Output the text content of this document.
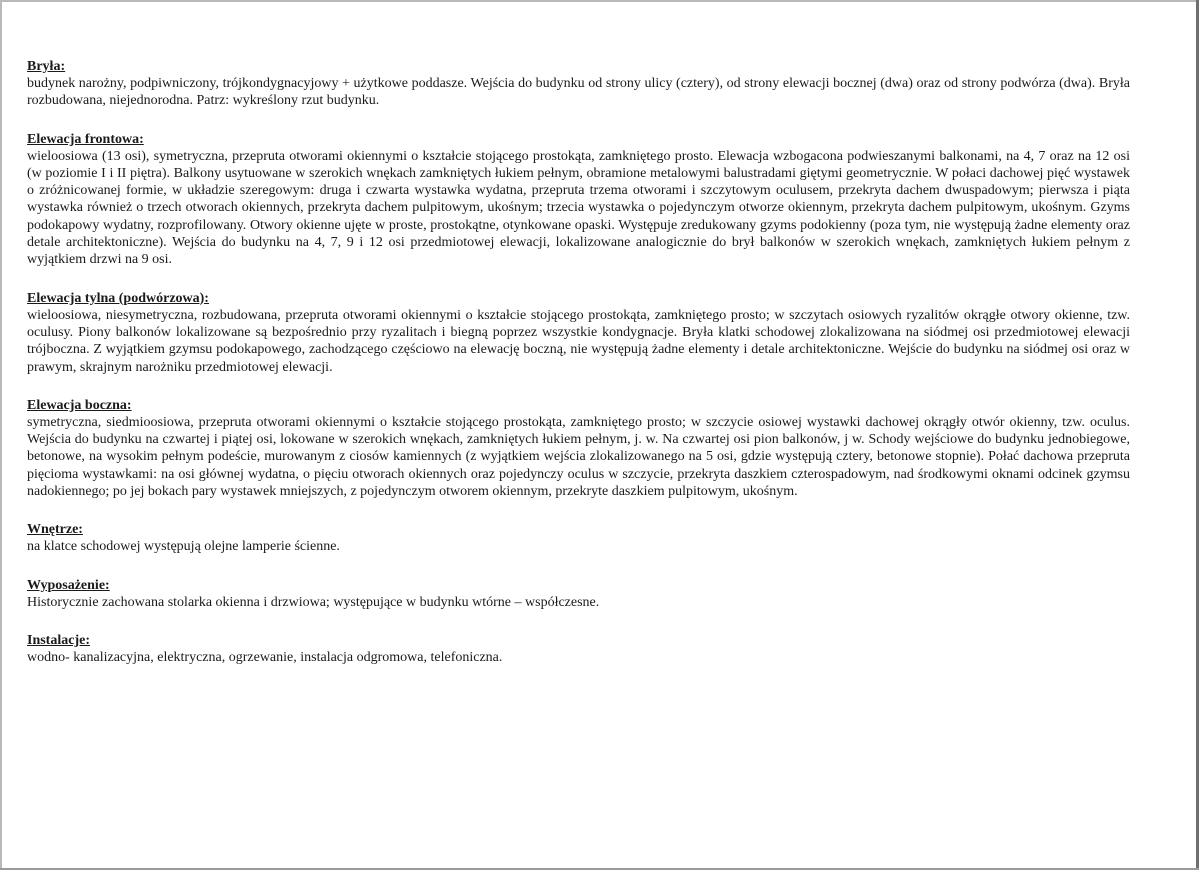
Bryła:

budynek narożny, podpiwniczony, trójkondygnacyjowy + użytkowe poddasze. Wejścia do budynku od strony ulicy (cztery), od strony elewacji bocznej (dwa) oraz od strony podwórza (dwa). Bryła rozbudowana, niejednorodna. Patrz: wykreślony rzut budynku.

Elewacja frontowa:

wieloosiowa (13 osi), symetryczna, przepruta otworami okiennymi o kształcie stojącego prostokąta, zamkniętego prosto. Elewacja wzbogacona podwieszanymi balkonami, na 4, 7 oraz na 12 osi (w poziomie I i II piętra). Balkony usytuowane w szerokich wnękach zamkniętych łukiem pełnym, obramione metalowymi balustradami giętymi geometrycznie. W połaci dachowej pięć wystawek o zróżnicowanej formie, w układzie szeregowym: druga i czwarta wystawka wydatna, przepruta trzema otworami i szczytowym oculusem, przekryta dachem dwuspadowym; pierwsza i piąta wystawka również o trzech otworach okiennych, przekryta dachem pulpitowym, ukośnym; trzecia wystawka o pojedynczym otworze okiennym, przekryta dachem pulpitowym, ukośnym. Gzyms podokapowy wydatny, rozprofilowany. Otwory okienne ujęte w proste, prostokątne, otynkowane opaski. Występuje zredukowany gzyms podokienny (poza tym, nie występują żadne elementy oraz detale architektoniczne). Wejścia do budynku na 4, 7, 9 i 12 osi przedmiotowej elewacji, lokalizowane analogicznie do brył balkonów w szerokich wnękach, zamkniętych łukiem pełnym z wyjątkiem drzwi na 9 osi.

Elewacja tylna (podwórzowa):

wieloosiowa, niesymetryczna, rozbudowana, przepruta otworami okiennymi o kształcie stojącego prostokąta, zamkniętego prosto; w szczytach osiowych ryzalitów okrągłe otwory okienne, tzw. oculusy. Piony balkonów lokalizowane są bezpośrednio przy ryzalitach i biegną poprzez wszystkie kondygnacje. Bryła klatki schodowej zlokalizowana na siódmej osi przedmiotowej elewacji trójboczna. Z wyjątkiem gzymsu podokapowego, zachodzącego częściowo na elewację boczną, nie występują żadne elementy i detale architektoniczne. Wejście do budynku na siódmej osi oraz w prawym, skrajnym narożniku przedmiotowej elewacji.

Elewacja boczna:

symetryczna, siedmioosiowa, przepruta otworami okiennymi o kształcie stojącego prostokąta, zamkniętego prosto; w szczycie osiowej wystawki dachowej okrągły otwór okienny, tzw. oculus. Wejścia do budynku na czwartej i piątej osi, lokowane w szerokich wnękach, zamkniętych łukiem pełnym, j. w. Na czwartej osi pion balkonów, j w. Schody wejściowe do budynku jednobiegowe, betonowe, na wysokim pełnym podeście, murowanym z ciosów kamiennych (z wyjątkiem wejścia zlokalizowanego na 5 osi, gdzie występują cztery, betonowe stopnie). Połać dachowa przepruta pięcioma wystawkami: na osi głównej wydatna, o pięciu otworach okiennych oraz pojedynczy oculus w szczycie, przekryta daszkiem czterospadowym, nad środkowymi oknami odcinek gzymsu nadokiennego; po jej bokach pary wystawek mniejszych, z pojedynczym otworem okiennym, przekryte daszkiem pulpitowym, ukośnym.

Wnętrze:

na klatce schodowej występują olejne lamperie ścienne.

Wyposażenie:

Historycznie zachowana stolarka okienna i drzwiowa; występujące w budynku wtórne – współczesne.

Instalacje:

wodno- kanalizacyjna, elektryczna, ogrzewanie, instalacja odgromowa, telefoniczna.
